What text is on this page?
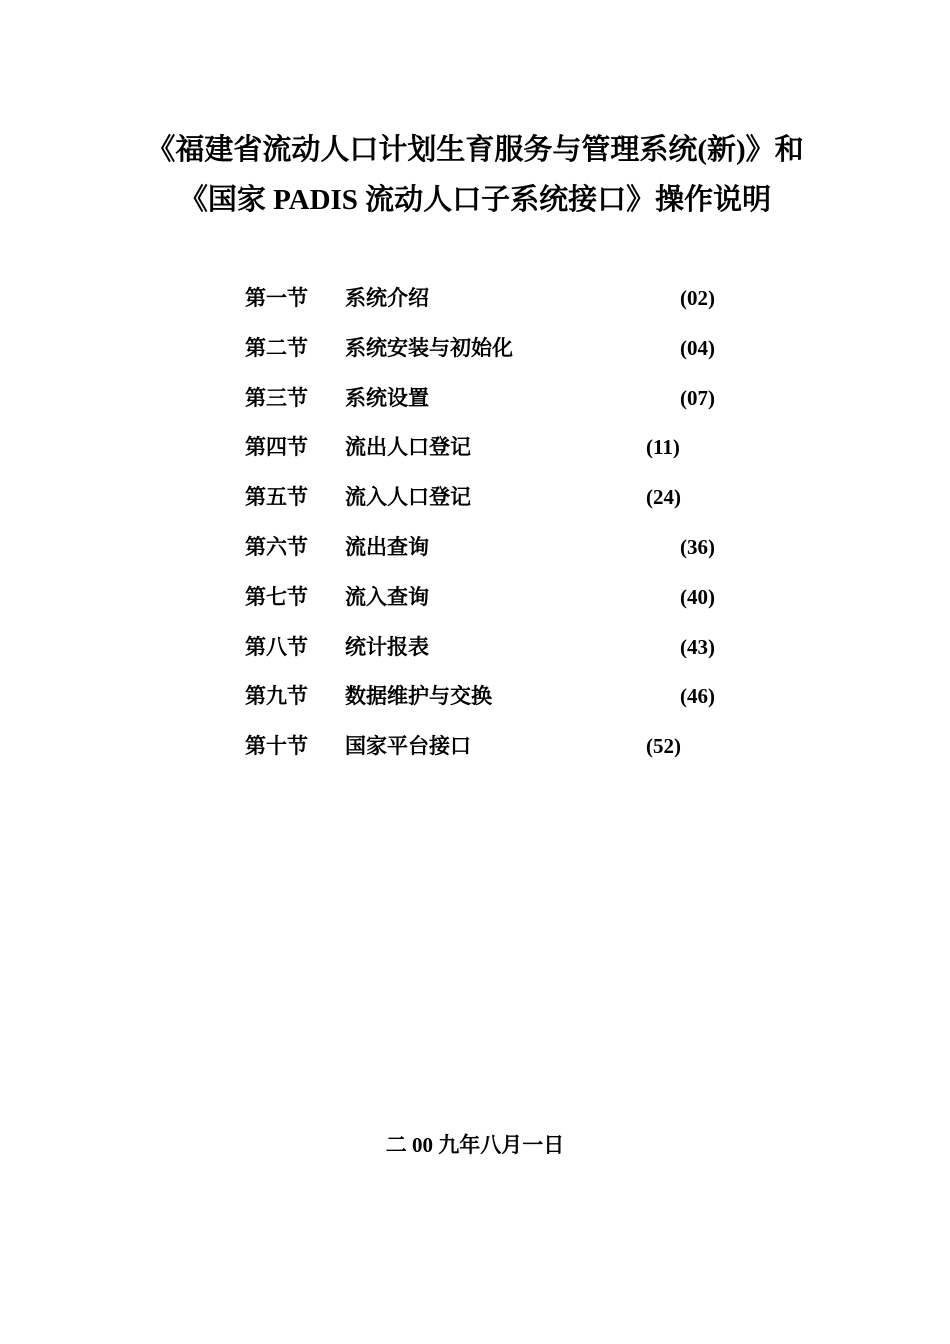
《福建省流动人口计划生育服务与管理系统(新)》和
《国家 PADIS 流动人口子系统接口》操作说明
第一节 系统介绍	(02)
第二节 系统安装与初始化	(04)
第三节 系统设置	(07)
第四节 流出人口登记	(11)
第五节 流入人口登记	(24)
第六节 流出查询	(36)
第七节 流入查询	(40)
第八节 统计报表	(43)
第九节 数据维护与交换	(46)
第十节 国家平台接口	(52)
二 00 九年八月一日
